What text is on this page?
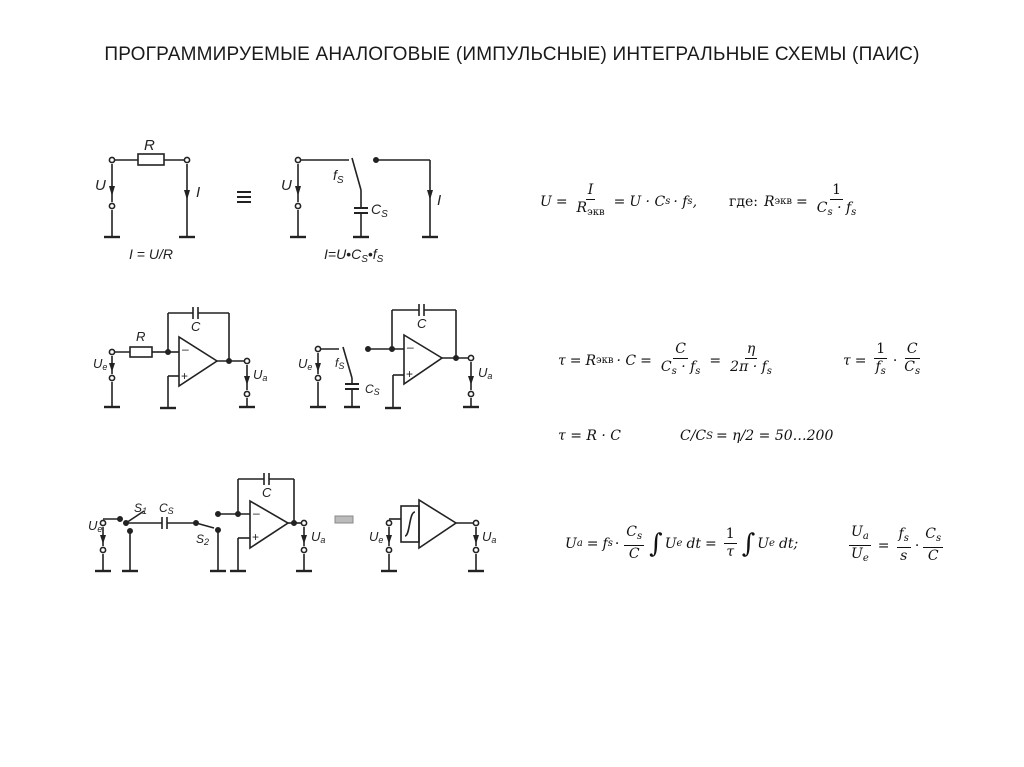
ПРОГРАММИРУЕМЫЕ АНАЛОГОВЫЕ (ИМПУЛЬСНЫЕ) ИНТЕГРАЛЬНЫЕ СХЕМЫ (ПАИС)
R
U	I	U
I
$f_S$
$C_S$
I = U/R	$I=U•C_S•f_S$
R
C
Ue	Ua
–
+
C
Ue	Ua
fS
CS
–
+
S1
S2
CS
C
Ue	Ua
–
+	Ue	Ua
$U = \frac{I}{R_{экв}} = U \cdot C$ s · f s , где: R экв = $\frac{1}{C_s \cdot f_s}$
τ = R экв · $C = \frac{C}{C_s \cdot f_s} = \frac{\eta}{2\pi \cdot f_s}$	$\tau = \frac{1}{f_s} \cdot \frac{C}{C_s}$
τ = R · C	C/C S = η/2 = 50…200
U a = f $s \cdot \frac{C_s}{C}$ ∫ U e dt = $\frac{1}{\tau}$ ∫ U e dt;	$\frac{U_a}{U_e} = \frac{f_s}{s} \cdot \frac{C_s}{C}$
